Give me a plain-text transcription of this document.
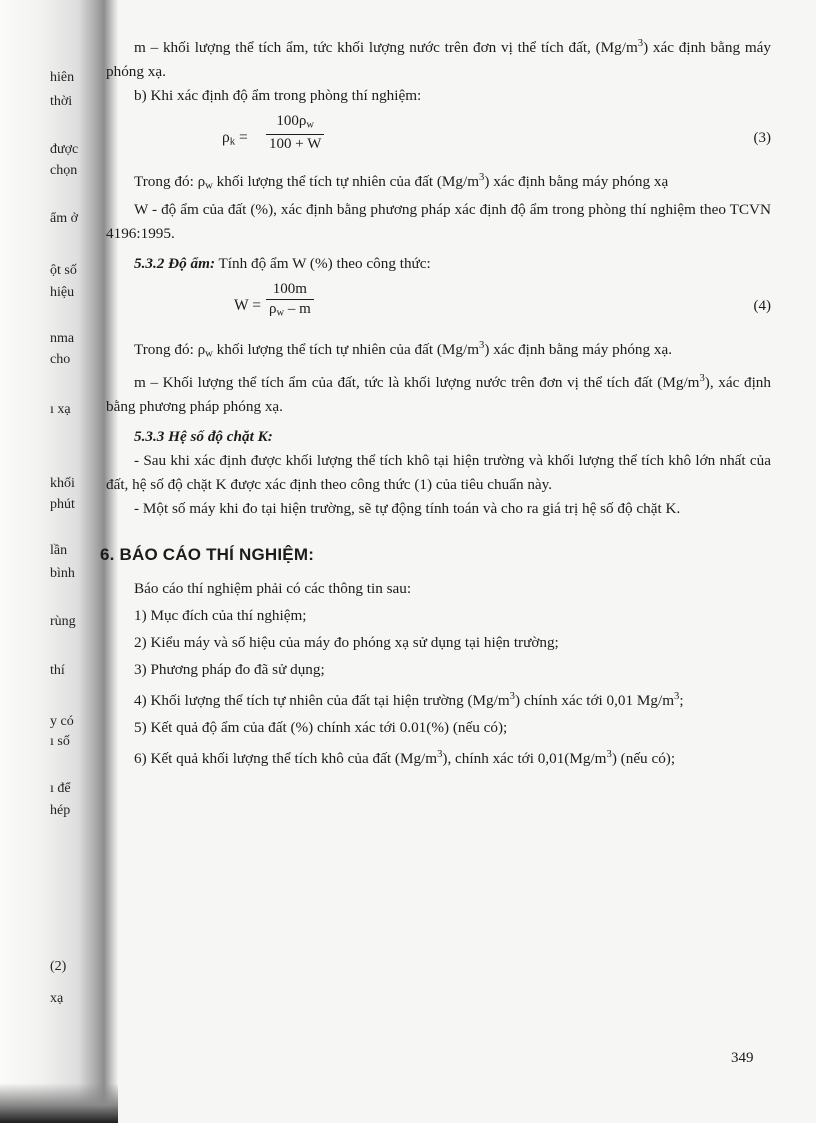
hiên
thời
được
chọn
ẩm ở
ột số
hiệu
nma
cho
ı xạ
khối
phút
lần
bình
rùng
thí
y có
ı số
ı để
hép
(2)
xạ

m – khối lượng thể tích ẩm, tức khối lượng nước trên đơn vị thể tích đất, $(Mg/m^3)$ xác định bằng máy phóng xạ.

b) Khi xác định độ ẩm trong phòng thí nghiệm:

$\rho_k = \frac{100\rho_w}{100 + W}$	(3)

Trong đó: $\rho_w$ khối lượng thể tích tự nhiên của đất $(Mg/m^3)$ xác định bằng máy phóng xạ

W - độ ẩm của đất (%), xác định bằng phương pháp xác định độ ẩm trong phòng thí nghiệm theo TCVN 4196:1995.

5.3.2 Độ ẩm: Tính độ ẩm W (%) theo công thức:

$W = \frac{100m}{\rho_w - m}$	(4)

Trong đó: $\rho_w$ khối lượng thể tích tự nhiên của đất $(Mg/m^3)$ xác định bằng máy phóng xạ.

m – Khối lượng thể tích ẩm của đất, tức là khối lượng nước trên đơn vị thể tích đất $(Mg/m^3)$, xác định bằng phương pháp phóng xạ.

5.3.3 Hệ số độ chặt K:

- Sau khi xác định được khối lượng thể tích khô tại hiện trường và khối lượng thể tích khô lớn nhất của đất, hệ số độ chặt K được xác định theo công thức (1) của tiêu chuẩn này.

- Một số máy khi đo tại hiện trường, sẽ tự động tính toán và cho ra giá trị hệ số độ chặt K.

6. BÁO CÁO THÍ NGHIỆM:

Báo cáo thí nghiệm phải có các thông tin sau:

1) Mục đích của thí nghiệm;

2) Kiểu máy và số hiệu của máy đo phóng xạ sử dụng tại hiện trường;

3) Phương pháp đo đã sử dụng;

4) Khối lượng thể tích tự nhiên của đất tại hiện trường $(Mg/m^3)$ chính xác tới 0,01 $Mg/m^3$;

5) Kết quả độ ẩm của đất (%) chính xác tới 0.01(%) (nếu có);

6) Kết quả khối lượng thể tích khô của đất $(Mg/m^3)$, chính xác tới $0,01(Mg/m^3)$ (nếu có);

349
